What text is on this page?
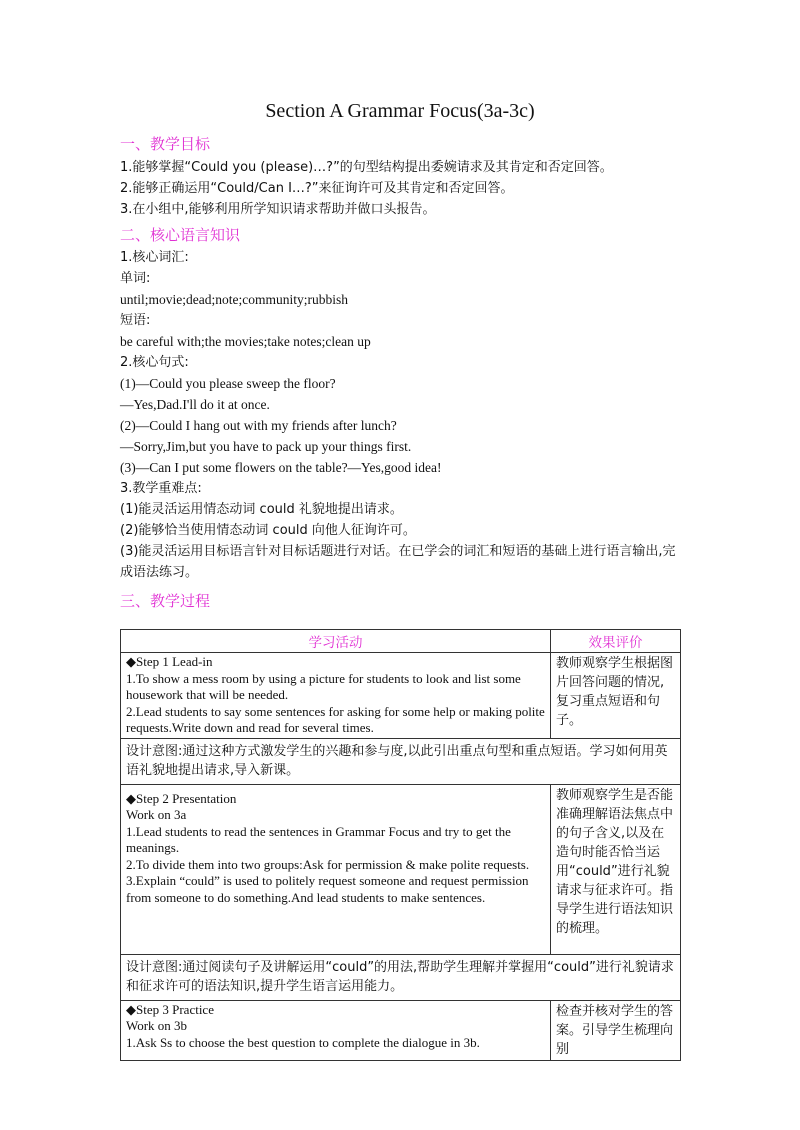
Section A Grammar Focus(3a-3c)
一、教学目标
1.能够掌握“Could you (please)…?”的句型结构提出委婉请求及其肯定和否定回答。
2.能够正确运用“Could/Can I…?”来征询许可及其肯定和否定回答。
3.在小组中,能够利用所学知识请求帮助并做口头报告。
二、核心语言知识
1.核心词汇:
单词:
until;movie;dead;note;community;rubbish
短语:
be careful with;the movies;take notes;clean up
2.核心句式:
(1)—Could you please sweep the floor?
—Yes,Dad.I'll do it at once.
(2)—Could I hang out with my friends after lunch?
—Sorry,Jim,but you have to pack up your things first.
(3)—Can I put some flowers on the table?—Yes,good idea!
3.教学重难点:
(1)能灵活运用情态动词 could 礼貌地提出请求。
(2)能够恰当使用情态动词 could 向他人征询许可。
(3)能灵活运用目标语言针对目标话题进行对话。在已学会的词汇和短语的基础上进行语言输出,完成语法练习。
三、教学过程
学习活动	效果评价

◆Step 1 Lead-in
1.To show a mess room by using a picture for students to look and list some housework that will be needed.
2.Lead students to say some sentences for asking for some help or making polite requests.Write down and read for several times.	教师观察学生根据图片回答问题的情况,复习重点短语和句子。
设计意图:通过这种方式激发学生的兴趣和参与度,以此引出重点句型和重点短语。学习如何用英语礼貌地提出请求,导入新课。	

◆Step 2 Presentation
Work on 3a
1.Lead students to read the sentences in Grammar Focus and try to get the meanings.
2.To divide them into two groups:Ask for permission & make polite requests.
3.Explain “could” is used to politely request someone and request permission from someone to do something.And lead students to make sentences.	教师观察学生是否能准确理解语法焦点中的句子含义,以及在造句时能否恰当运用“could”进行礼貌请求与征求许可。指导学生进行语法知识的梳理。
设计意图:通过阅读句子及讲解运用“could”的用法,帮助学生理解并掌握用“could”进行礼貌请求和征求许可的语法知识,提升学生语言运用能力。	

◆Step 3 Practice
Work on 3b
1.Ask Ss to choose the best question to complete the dialogue in 3b.	检查并核对学生的答案。引导学生梳理向别
